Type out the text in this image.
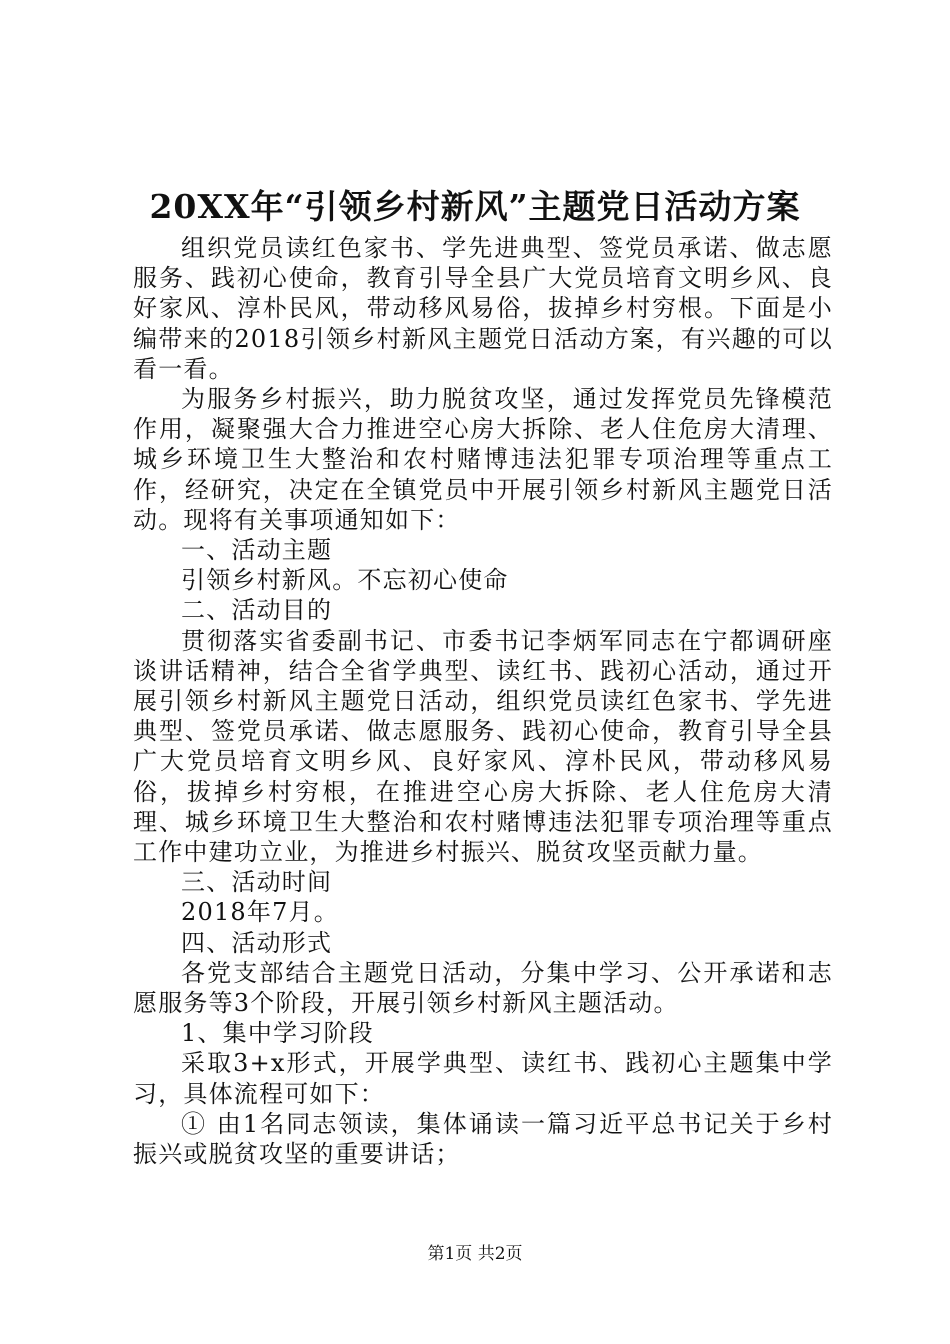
20XX年“引领乡村新风”主题党日活动方案

组织党员读红色家书、学先进典型、签党员承诺、做志愿服务、践初心使命，教育引导全县广大党员培育文明乡风、良好家风、淳朴民风，带动移风易俗，拔掉乡村穷根。下面是小编带来的2018引领乡村新风主题党日活动方案，有兴趣的可以看一看。

为服务乡村振兴，助力脱贫攻坚，通过发挥党员先锋模范作用，凝聚强大合力推进空心房大拆除、老人住危房大清理、城乡环境卫生大整治和农村赌博违法犯罪专项治理等重点工作，经研究，决定在全镇党员中开展引领乡村新风主题党日活动。现将有关事项通知如下：

一、活动主题

引领乡村新风。不忘初心使命

二、活动目的

贯彻落实省委副书记、市委书记李炳军同志在宁都调研座谈讲话精神，结合全省学典型、读红书、践初心活动，通过开展引领乡村新风主题党日活动，组织党员读红色家书、学先进典型、签党员承诺、做志愿服务、践初心使命，教育引导全县广大党员培育文明乡风、良好家风、淳朴民风，带动移风易俗，拔掉乡村穷根，在推进空心房大拆除、老人住危房大清理、城乡环境卫生大整治和农村赌博违法犯罪专项治理等重点工作中建功立业，为推进乡村振兴、脱贫攻坚贡献力量。

三、活动时间

2018年7月。

四、活动形式

各党支部结合主题党日活动，分集中学习、公开承诺和志愿服务等3个阶段，开展引领乡村新风主题活动。

1、集中学习阶段

采取3+x形式，开展学典型、读红书、践初心主题集中学习，具体流程可如下：

① 由1名同志领读，集体诵读一篇习近平总书记关于乡村振兴或脱贫攻坚的重要讲话；

第1页 共2页
